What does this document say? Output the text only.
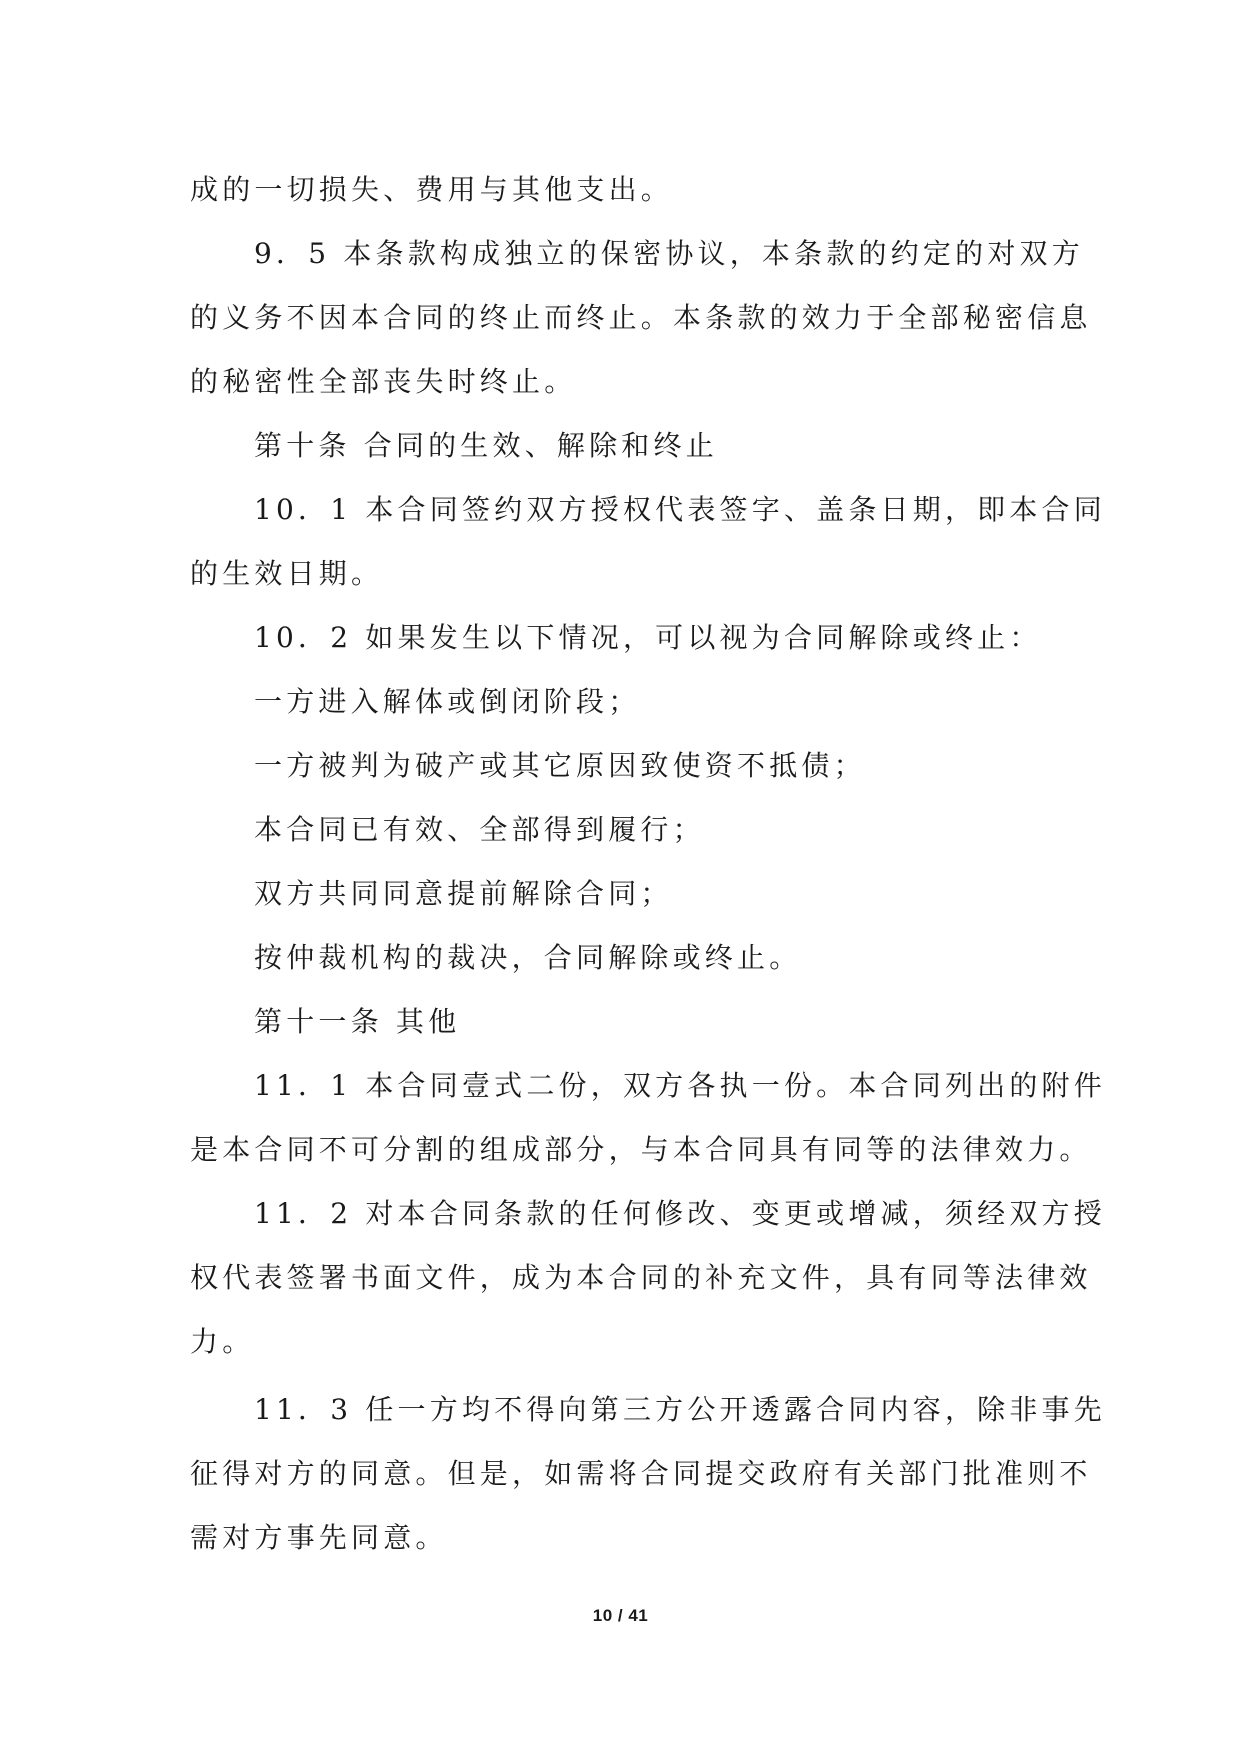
成的一切损失、费用与其他支出。

9．5 本条款构成独立的保密协议，本条款的约定的对双方

的义务不因本合同的终止而终止。本条款的效力于全部秘密信息

的秘密性全部丧失时终止。

第十条 合同的生效、解除和终止

10．1 本合同签约双方授权代表签字、盖条日期，即本合同

的生效日期。

10．2 如果发生以下情况，可以视为合同解除或终止：

一方进入解体或倒闭阶段；

一方被判为破产或其它原因致使资不抵债；

本合同已有效、全部得到履行；

双方共同同意提前解除合同；

按仲裁机构的裁决，合同解除或终止。

第十一条 其他

11．1 本合同壹式二份，双方各执一份。本合同列出的附件

是本合同不可分割的组成部分，与本合同具有同等的法律效力。

11．2 对本合同条款的任何修改、变更或增减，须经双方授

权代表签署书面文件，成为本合同的补充文件，具有同等法律效

力。

11．3 任一方均不得向第三方公开透露合同内容，除非事先

征得对方的同意。但是，如需将合同提交政府有关部门批准则不

需对方事先同意。

10 / 41
